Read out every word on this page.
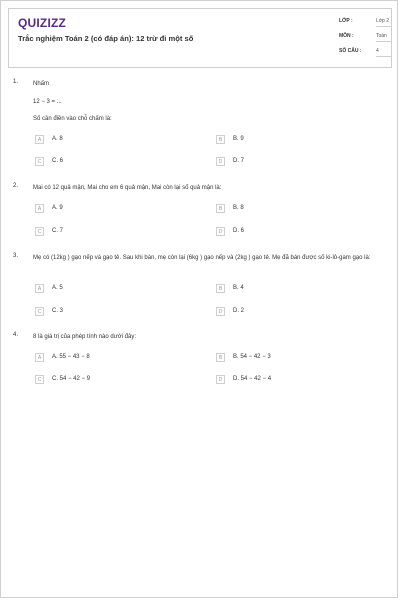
QUIZIZZ
Trắc nghiệm Toán 2 (có đáp án): 12 trừ đi một số
LỚP :	Lớp 2
MÔN :	Toán
SỐ CÂU :	4
1. Nhấm
12 − 3 = ...
Số cần điền vào chỗ chấm là:
A	A. 8	B	B. 9
C	C. 6	D	D. 7
2. Mai có 12 quả mận, Mai cho em 6 quả mận, Mai còn lại số quả mận là:
A	A. 9	B	B. 8
C	C. 7	D	D. 6
3. Mẹ có (12kg ) gạo nếp và gạo tẻ. Sau khi bán, mẹ còn lại (6kg ) gạo nếp và (2kg ) gạo tẻ. Mẹ đã bán được số ki-lô-gam gạo là:
A	A. 5	B	B. 4
C	C. 3	D	D. 2
4. 8 là giá trị của phép tính nào dưới đây:
A	A. 55 − 43 − 8	B	B. 54 − 42 − 3
C	C. 54 − 42 − 9	D	D. 54 − 42 − 4
